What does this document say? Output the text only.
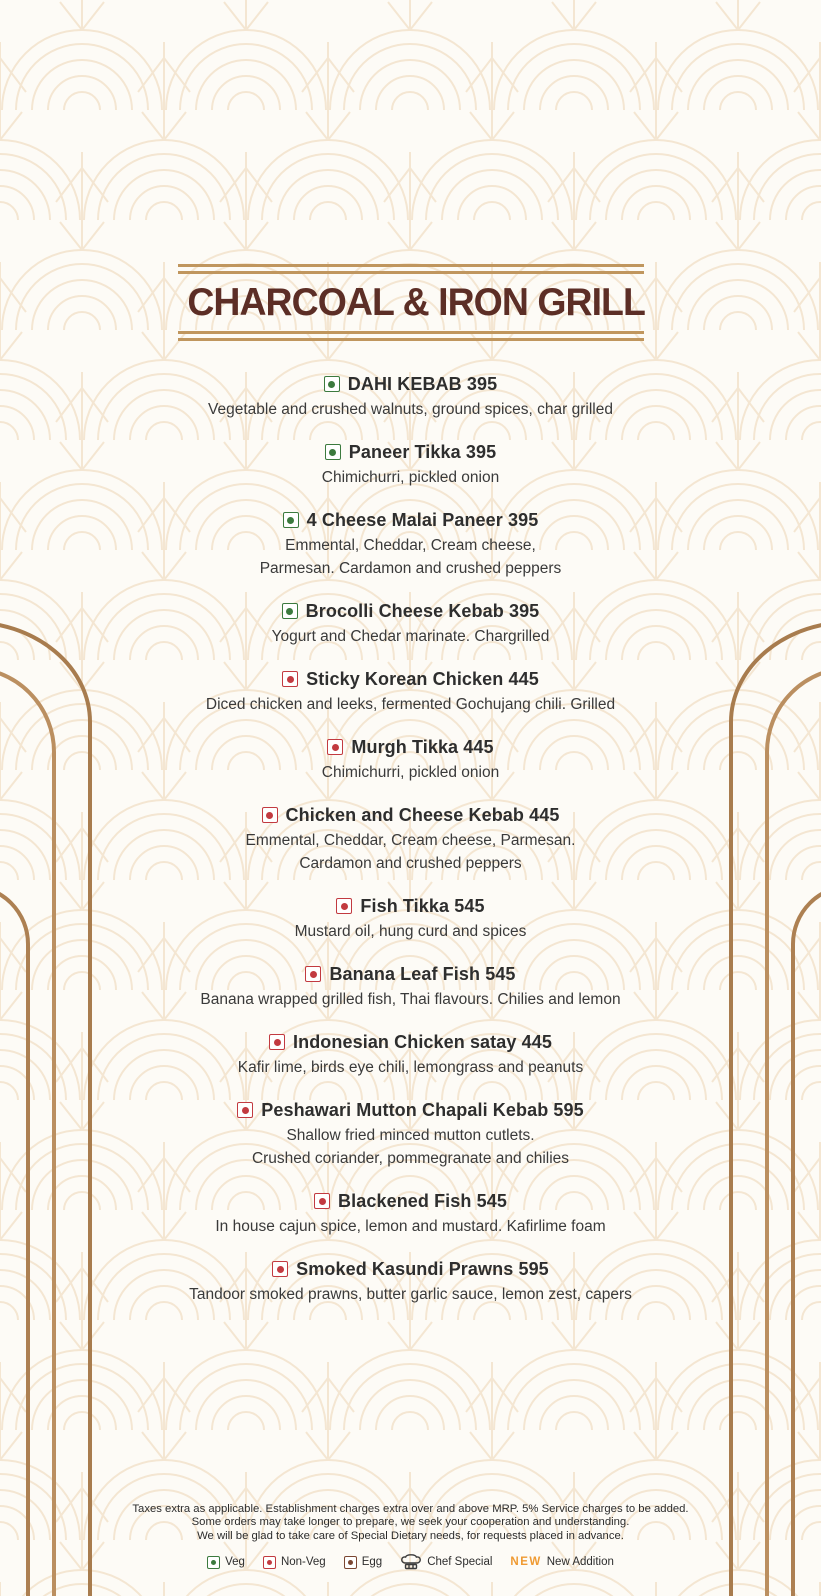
CHARCOAL & IRON GRILL
DAHI KEBAB 395
Vegetable and crushed walnuts, ground spices, char grilled
Paneer Tikka 395
Chimichurri, pickled onion
4 Cheese Malai Paneer 395
Emmental, Cheddar, Cream cheese,
Parmesan. Cardamon and crushed peppers
Brocolli Cheese Kebab 395
Yogurt and Chedar marinate. Chargrilled
Sticky Korean Chicken 445
Diced chicken and leeks, fermented Gochujang chili. Grilled
Murgh Tikka 445
Chimichurri, pickled onion
Chicken and Cheese Kebab 445
Emmental, Cheddar, Cream cheese, Parmesan.
Cardamon and crushed peppers
Fish Tikka 545
Mustard oil, hung curd and spices
Banana Leaf Fish 545
Banana wrapped grilled fish, Thai flavours. Chilies and lemon
Indonesian Chicken satay 445
Kafir lime, birds eye chili, lemongrass and peanuts
Peshawari Mutton Chapali Kebab 595
Shallow fried minced mutton cutlets.
Crushed coriander, pommegranate and chilies
Blackened Fish 545
In house cajun spice, lemon and mustard. Kafirlime foam
Smoked Kasundi Prawns 595
Tandoor smoked prawns, butter garlic sauce, lemon zest, capers
Taxes extra as applicable. Establishment charges extra over and above MRP. 5% Service charges to be added.
Some orders may take longer to prepare, we seek your cooperation and understanding.
We will be glad to take care of Special Dietary needs, for requests placed in advance.
Veg	Non-Veg	Egg	Chef Special NEW New Addition
